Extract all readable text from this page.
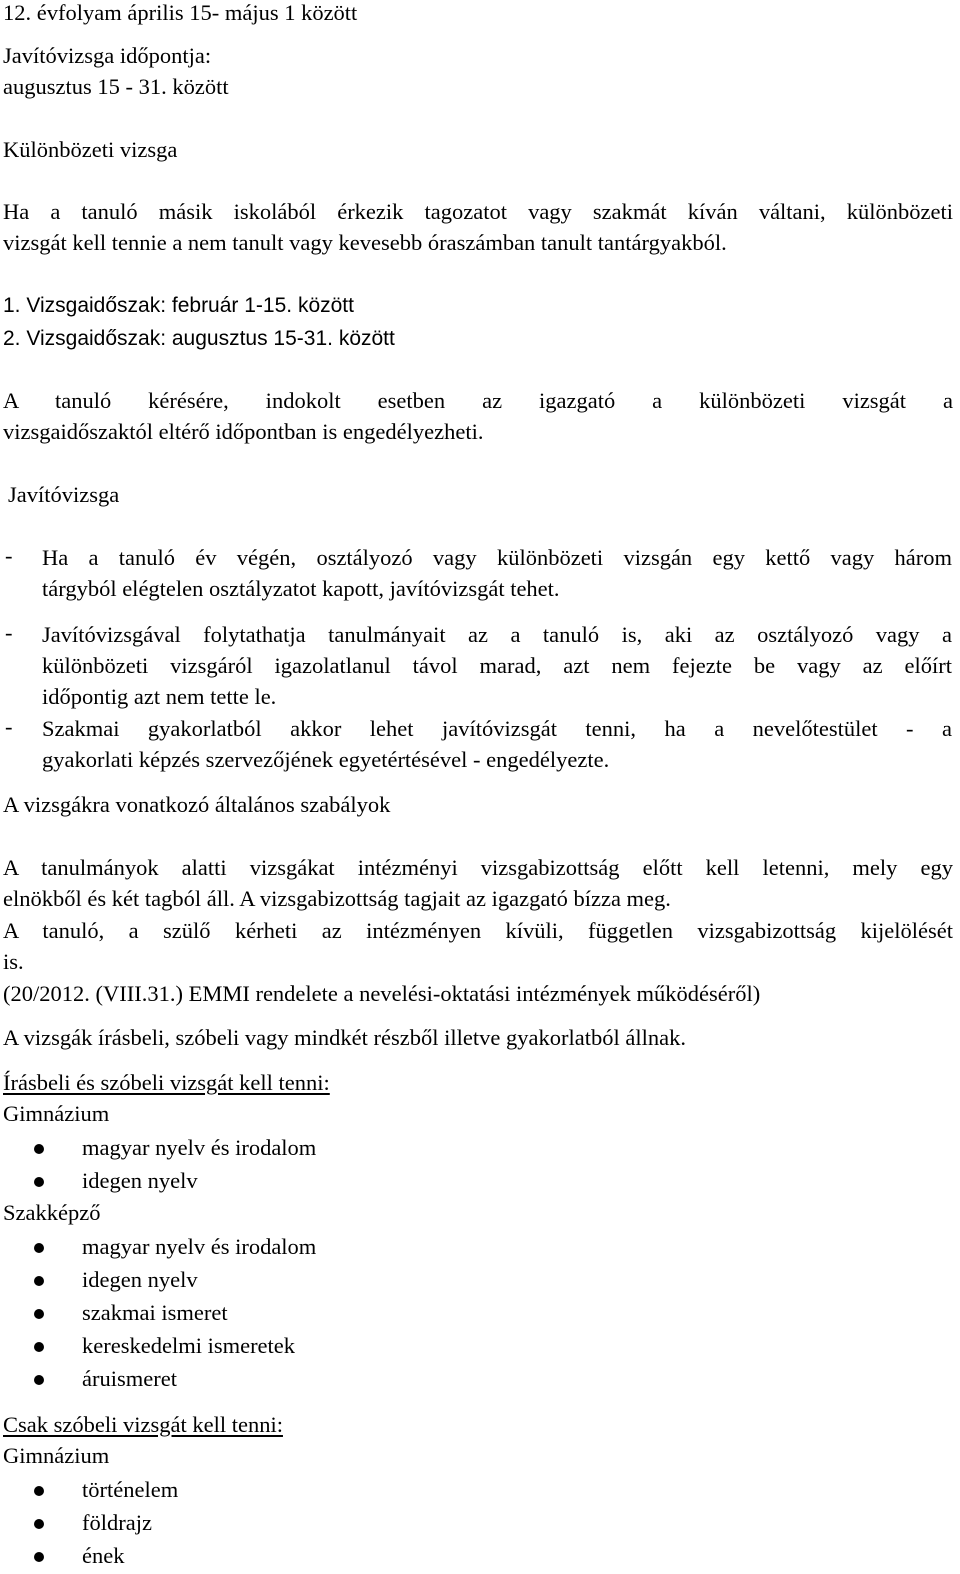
12. évfolyam április 15- május 1 között
Javítóvizsga időpontja:
augusztus 15 - 31. között
Különbözeti vizsga
Ha a tanuló másik iskolából érkezik tagozatot vagy szakmát kíván váltani, különbözeti
vizsgát kell tennie a nem tanult vagy kevesebb óraszámban tanult tantárgyakból.
1. Vizsgaidőszak: február 1-15. között
2. Vizsgaidőszak: augusztus 15-31. között
A tanuló kérésére, indokolt esetben az igazgató a különbözeti vizsgát a
vizsgaidőszaktól eltérő időpontban is engedélyezheti.
Javítóvizsga
- Ha a tanuló év végén, osztályozó vagy különbözeti vizsgán egy kettő vagy három
tárgyból elégtelen osztályzatot kapott, javítóvizsgát tehet.
- Javítóvizsgával folytathatja tanulmányait az a tanuló is, aki az osztályozó vagy a
különbözeti vizsgáról igazolatlanul távol marad, azt nem fejezte be vagy az előírt
időpontig azt nem tette le.
- Szakmai gyakorlatból akkor lehet javítóvizsgát tenni, ha a nevelőtestület - a
gyakorlati képzés szervezőjének egyetértésével - engedélyezte.
A vizsgákra vonatkozó általános szabályok
A tanulmányok alatti vizsgákat intézményi vizsgabizottság előtt kell letenni, mely egy
elnökből és két tagból áll. A vizsgabizottság tagjait az igazgató bízza meg.
A tanuló, a szülő kérheti az intézményen kívüli, független vizsgabizottság kijelölését
is.
(20/2012. (VIII.31.) EMMI rendelete a nevelési-oktatási intézmények működéséről)
A vizsgák írásbeli, szóbeli vagy mindkét részből illetve gyakorlatból állnak.
Írásbeli és szóbeli vizsgát kell tenni:
Gimnázium
magyar nyelv és irodalom
idegen nyelv
Szakképző
magyar nyelv és irodalom
idegen nyelv
szakmai ismeret
kereskedelmi ismeretek
áruismeret
Csak szóbeli vizsgát kell tenni:
Gimnázium
történelem
földrajz
ének
